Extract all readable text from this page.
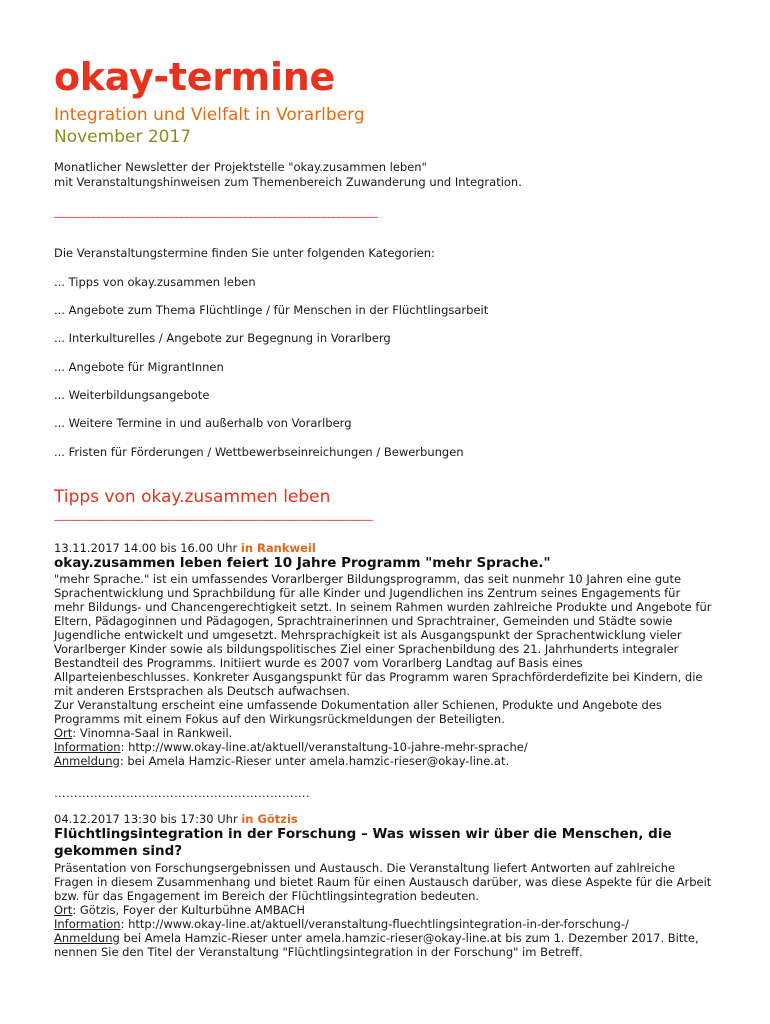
okay-termine
Integration und Vielfalt in Vorarlberg
November 2017
Monatlicher Newsletter der Projektstelle "okay.zusammen leben"
mit Veranstaltungshinweisen zum Themenbereich Zuwanderung und Integration.
__________________________________________________________________
Die Veranstaltungstermine finden Sie unter folgenden Kategorien:
... Tipps von okay.zusammen leben
... Angebote zum Thema Flüchtlinge / für Menschen in der Flüchtlingsarbeit
... Interkulturelles / Angebote zur Begegnung in Vorarlberg
... Angebote für MigrantInnen
... Weiterbildungsangebote
... Weitere Termine in und außerhalb von Vorarlberg
... Fristen für Förderungen / Wettbewerbseinreichungen / Bewerbungen
Tipps von okay.zusammen leben
_________________________________________________________________
13.11.2017 14.00 bis 16.00 Uhr in Rankweil
okay.zusammen leben feiert 10 Jahre Programm "mehr Sprache."
"mehr Sprache." ist ein umfassendes Vorarlberger Bildungsprogramm, das seit nunmehr 10 Jahren eine gute
Sprachentwicklung und Sprachbildung für alle Kinder und Jugendlichen ins Zentrum seines Engagements für
mehr Bildungs- und Chancengerechtigkeit setzt. In seinem Rahmen wurden zahlreiche Produkte und Angebote für
Eltern, Pädagoginnen und Pädagogen, Sprachtrainerinnen und Sprachtrainer, Gemeinden und Städte sowie
Jugendliche entwickelt und umgesetzt. Mehrsprachigkeit ist als Ausgangspunkt der Sprachentwicklung vieler
Vorarlberger Kinder sowie als bildungspolitisches Ziel einer Sprachenbildung des 21. Jahrhunderts integraler
Bestandteil des Programms. Initiiert wurde es 2007 vom Vorarlberg Landtag auf Basis eines
Allparteienbeschlusses. Konkreter Ausgangspunkt für das Programm waren Sprachförderdefizite bei Kindern, die
mit anderen Erstsprachen als Deutsch aufwachsen.
Zur Veranstaltung erscheint eine umfassende Dokumentation aller Schienen, Produkte und Angebote des
Programms mit einem Fokus auf den Wirkungsrückmeldungen der Beteiligten.
Ort: Vinomna-Saal in Rankweil.
Information: http://www.okay-line.at/aktuell/veranstaltung-10-jahre-mehr-sprache/
Anmeldung: bei Amela Hamzic-Rieser unter amela.hamzic-rieser@okay-line.at.
……………………………………………………….
04.12.2017 13:30 bis 17:30 Uhr in Götzis
Flüchtlingsintegration in der Forschung – Was wissen wir über die Menschen, die
gekommen sind?
Präsentation von Forschungsergebnissen und Austausch. Die Veranstaltung liefert Antworten auf zahlreiche
Fragen in diesem Zusammenhang und bietet Raum für einen Austausch darüber, was diese Aspekte für die Arbeit
bzw. für das Engagement im Bereich der Flüchtlingsintegration bedeuten.
Ort: Götzis, Foyer der Kulturbühne AMBACH
Information: http://www.okay-line.at/aktuell/veranstaltung-fluechtlingsintegration-in-der-forschung-/
Anmeldung bei Amela Hamzic-Rieser unter amela.hamzic-rieser@okay-line.at bis zum 1. Dezember 2017. Bitte,
nennen Sie den Titel der Veranstaltung "Flüchtlingsintegration in der Forschung" im Betreff.
